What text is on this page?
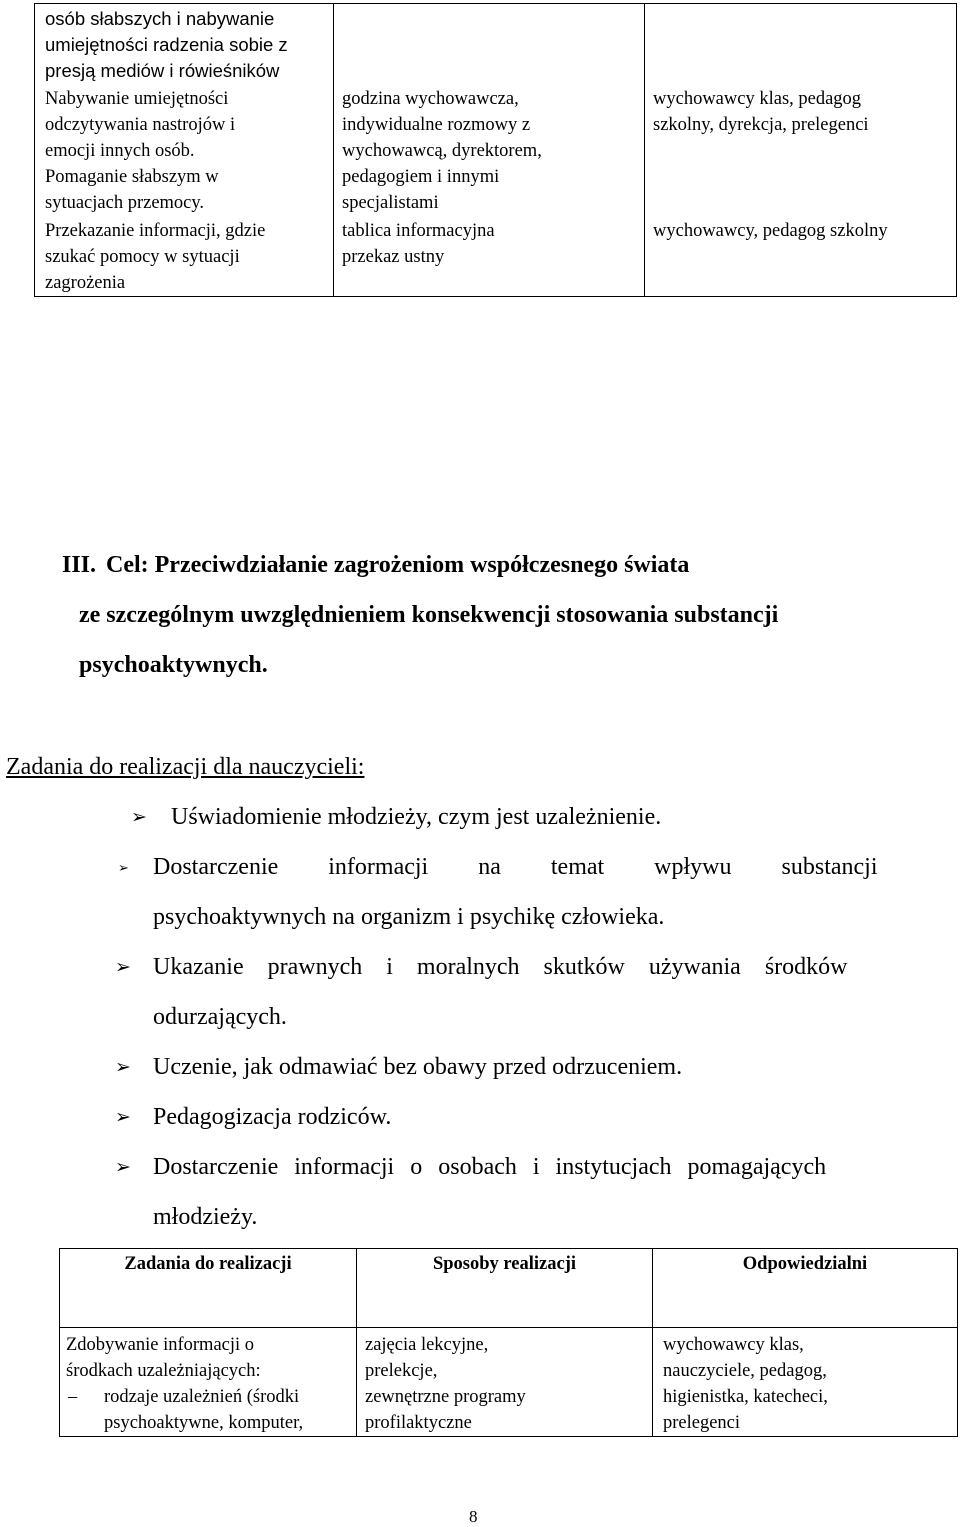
osób słabszych i nabywanie
umiejętności radzenia sobie z
presją mediów i rówieśników
Nabywanie umiejętności
odczytywania nastrojów i
emocji innych osób.
Pomaganie słabszym w
sytuacjach przemocy.
Przekazanie informacji, gdzie
szukać pomocy w sytuacji
zagrożenia
godzina wychowawcza,
indywidualne rozmowy z
wychowawcą, dyrektorem,
pedagogiem i innymi
specjalistami
tablica informacyjna
przekaz ustny
wychowawcy klas, pedagog
szkolny, dyrekcja, prelegenci
wychowawcy, pedagog szkolny
III. Cel: Przeciwdziałanie zagrożeniom współczesnego świata
ze szczególnym uwzględnieniem konsekwencji stosowania substancji
psychoaktywnych.
Zadania do realizacji dla nauczycieli:
➢ Uświadomienie młodzieży, czym jest uzależnienie.
➢ Dostarczenie informacji na temat wpływu substancji
psychoaktywnych na organizm i psychikę człowieka.
➢ Ukazanie prawnych i moralnych skutków używania środków
odurzających.
➢ Uczenie, jak odmawiać bez obawy przed odrzuceniem.
➢ Pedagogizacja rodziców.
➢ Dostarczenie informacji o osobach i instytucjach pomagających
młodzieży.
Zadania do realizacji	Sposoby realizacji	Odpowiedzialni
Zdobywanie informacji o
środkach uzależniających:
– rodzaje uzależnień (środki
psychoaktywne, komputer,
zajęcia lekcyjne,
prelekcje,
zewnętrzne programy
profilaktyczne
wychowawcy klas,
nauczyciele, pedagog,
higienistka, katecheci,
prelegenci
8
